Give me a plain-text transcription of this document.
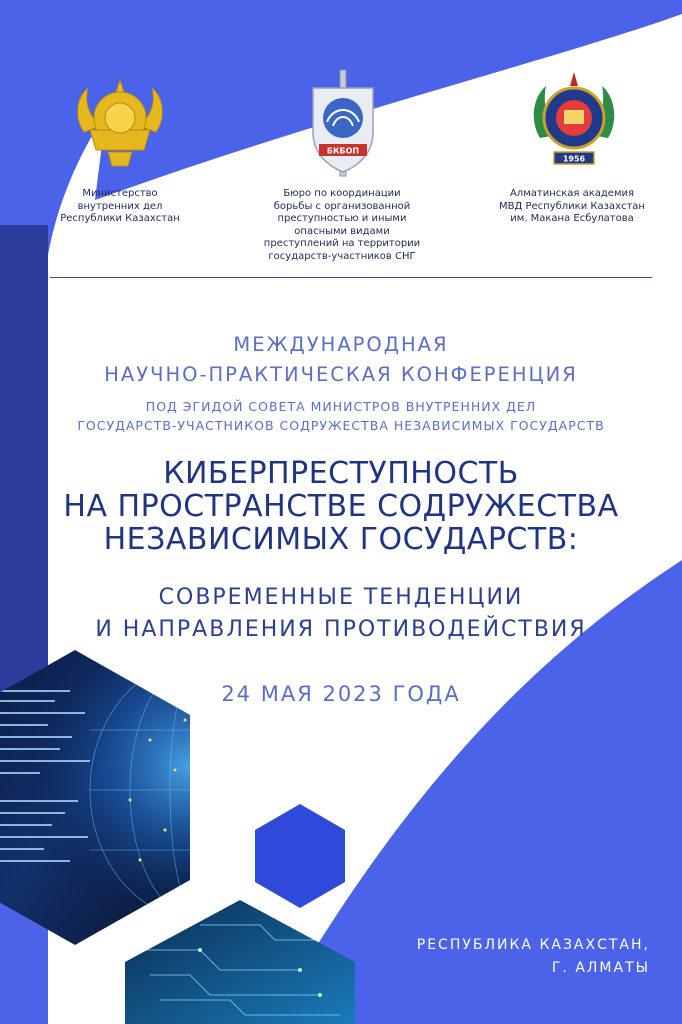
БКБОП
1956
Министерство
внутренних дел
Республики Казахстан
Бюро по координации
борьбы с организованной
преступностью и иными
опасными видами
преступлений на территории
государств-участников СНГ
Алматинская академия
МВД Республики Казахстан
им. Макана Есбулатова
МЕЖДУНАРОДНАЯ
НАУЧНО-ПРАКТИЧЕСКАЯ КОНФЕРЕНЦИЯ
ПОД ЭГИДОЙ СОВЕТА МИНИСТРОВ ВНУТРЕННИХ ДЕЛ
ГОСУДАРСТВ-УЧАСТНИКОВ СОДРУЖЕСТВА НЕЗАВИСИМЫХ ГОСУДАРСТВ
КИБЕРПРЕСТУПНОСТЬ
НА ПРОСТРАНСТВЕ СОДРУЖЕСТВА
НЕЗАВИСИМЫХ ГОСУДАРСТВ:
СОВРЕМЕННЫЕ ТЕНДЕНЦИИ
И НАПРАВЛЕНИЯ ПРОТИВОДЕЙСТВИЯ
24 МАЯ 2023 ГОДА
РЕСПУБЛИКА КАЗАХСТАН,
Г. АЛМАТЫ
